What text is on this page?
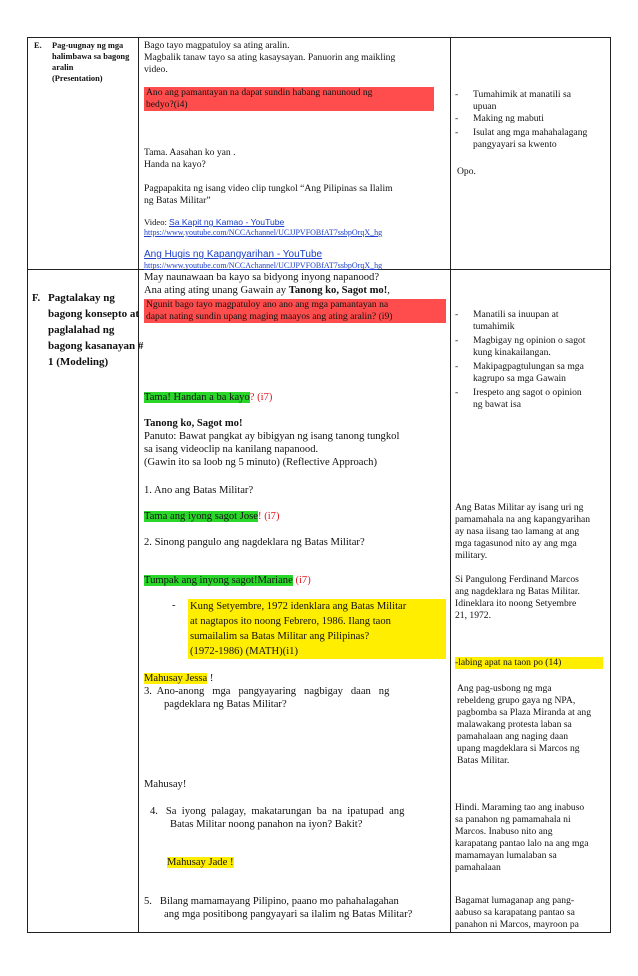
E. Pag-uugnay ng mga
halimbawa sa bagong
aralin
(Presentation)
Bago tayo magpatuloy sa ating aralin.
Magbalik tanaw tayo sa ating kasaysayan. Panuorin ang maikling
video.
Ano ang pamantayan na dapat sundin habang nanunoud ng
bedyo?(i4)
Tama. Aasahan ko yan .
Handa na kayo?
Pagpapakita ng isang video clip tungkol “Ang Pilipinas sa Ilalim
ng Batas Militar”
Video: Sa Kapit ng Kamao - YouTube
https://www.youtube.com/NCCAchannel/UCJJPVFOBfAT7ssbpOrqX_hg
Ang Hugis ng Kapangyarihan - YouTube
https://www.youtube.com/NCCAchannel/UCJJPVFOBfAT7ssbpOrqX_hg
- Tumahimik at manatili sa
upuan
- Making ng mabuti
- Isulat ang mga mahahalagang
pangyayari sa kwento
Opo.
F. Pagtalakay ng
bagong konsepto at
paglalahad ng
bagong kasanayan #
1 (Modeling)
May naunawaan ba kayo sa bidyong inyong napanood?
Ana ating ating unang Gawain ay Tanong ko, Sagot mo!,
Ngunit bago tayo magpatuloy ano ano ang mga pamantayan na
dapat nating sundin upang maging maayos ang ating aralin? (i9)
Tama! Handan a ba kayo? (i7)
Tanong ko, Sagot mo!
Panuto: Bawat pangkat ay bibigyan ng isang tanong tungkol
sa isang videoclip na kanilang napanood.
(Gawin ito sa loob ng 5 minuto) (Reflective Approach)
1. Ano ang Batas Militar?
Tama ang iyong sagot Jose! (i7)
2. Sinong pangulo ang nagdeklara ng Batas Militar?
Tumpak ang inyong sagot!Mariane (i7)
- Kung Setyembre, 1972 idenklara ang Batas Militar
at nagtapos ito noong Febrero, 1986. Ilang taon
sumailalim sa Batas Militar ang Pilipinas?
(1972-1986) (MATH)(i1)
Mahusay Jessa !
3.  Ano-anong   mga   pangyayaring   nagbigay   daan   ng
pagdeklara ng Batas Militar?
Mahusay!
4.   Sa  iyong  palagay,  makatarungan  ba  na  ipatupad  ang
Batas Militar noong panahon na iyon? Bakit?
Mahusay Jade !
5.   Bilang mamamayang Pilipino, paano mo pahahalagahan
ang mga positibong pangyayari sa ilalim ng Batas Militar?
- Manatili sa inuupan at
tumahimik
- Magbigay ng opinion o sagot
kung kinakailangan.
- Makipagpagtulungan sa mga
kagrupo sa mga Gawain
- Irespeto ang sagot o opinion
ng bawat isa
Ang Batas Militar ay isang uri ng
pamamahala na ang kapangyarihan
ay nasa iisang tao lamang at ang
mga tagasunod nito ay ang mga
military.
Si Pangulong Ferdinand Marcos
ang nagdeklara ng Batas Militar.
Idineklara ito noong Setyembre
21, 1972.
-labing apat na taon po (14)
Ang pag-usbong ng mga
rebeldeng grupo gaya ng NPA,
pagbomba sa Plaza Miranda at ang
malawakang protesta laban sa
pamahalaan ang naging daan
upang magdeklara si Marcos ng
Batas Militar.
Hindi. Maraming tao ang inabuso
sa panahon ng pamamahala ni
Marcos. Inabuso nito ang
karapatang pantao lalo na ang mga
mamamayan lumalaban sa
pamahalaan
Bagamat lumaganap ang pang-
aabuso sa karapatang pantao sa
panahon ni Marcos, mayroon pa
